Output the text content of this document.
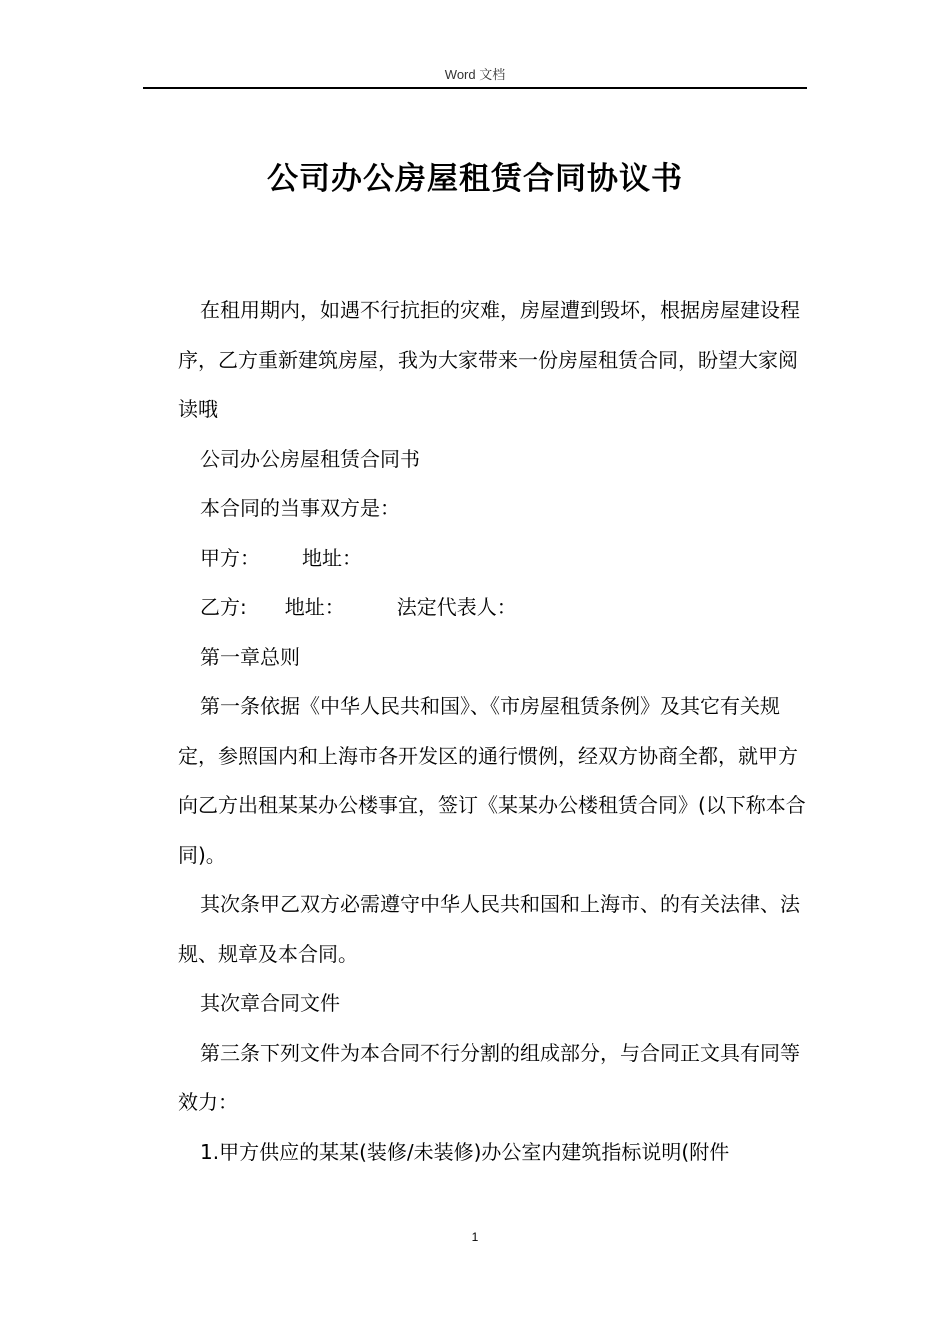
Word 文档
公司办公房屋租赁合同协议书

在租用期内，如遇不行抗拒的灾难，房屋遭到毁坏，根据房屋建设程序，乙方重新建筑房屋，我为大家带来一份房屋租赁合同，盼望大家阅读哦

公司办公房屋租赁合同书

本合同的当事双方是：

甲方： 地址：

乙方: 地址：	法定代表人：

第一章总则

第一条依据《中华人民共和国》、《市房屋租赁条例》及其它有关规定，参照国内和上海市各开发区的通行惯例，经双方协商全都，就甲方向乙方出租某某办公楼事宜，签订《某某办公楼租赁合同》(以下称本合同)。

其次条甲乙双方必需遵守中华人民共和国和上海市、的有关法律、法规、规章及本合同。

其次章合同文件

第三条下列文件为本合同不行分割的组成部分，与合同正文具有同等效力：

1.甲方供应的某某(装修/未装修)办公室内建筑指标说明(附件

1
